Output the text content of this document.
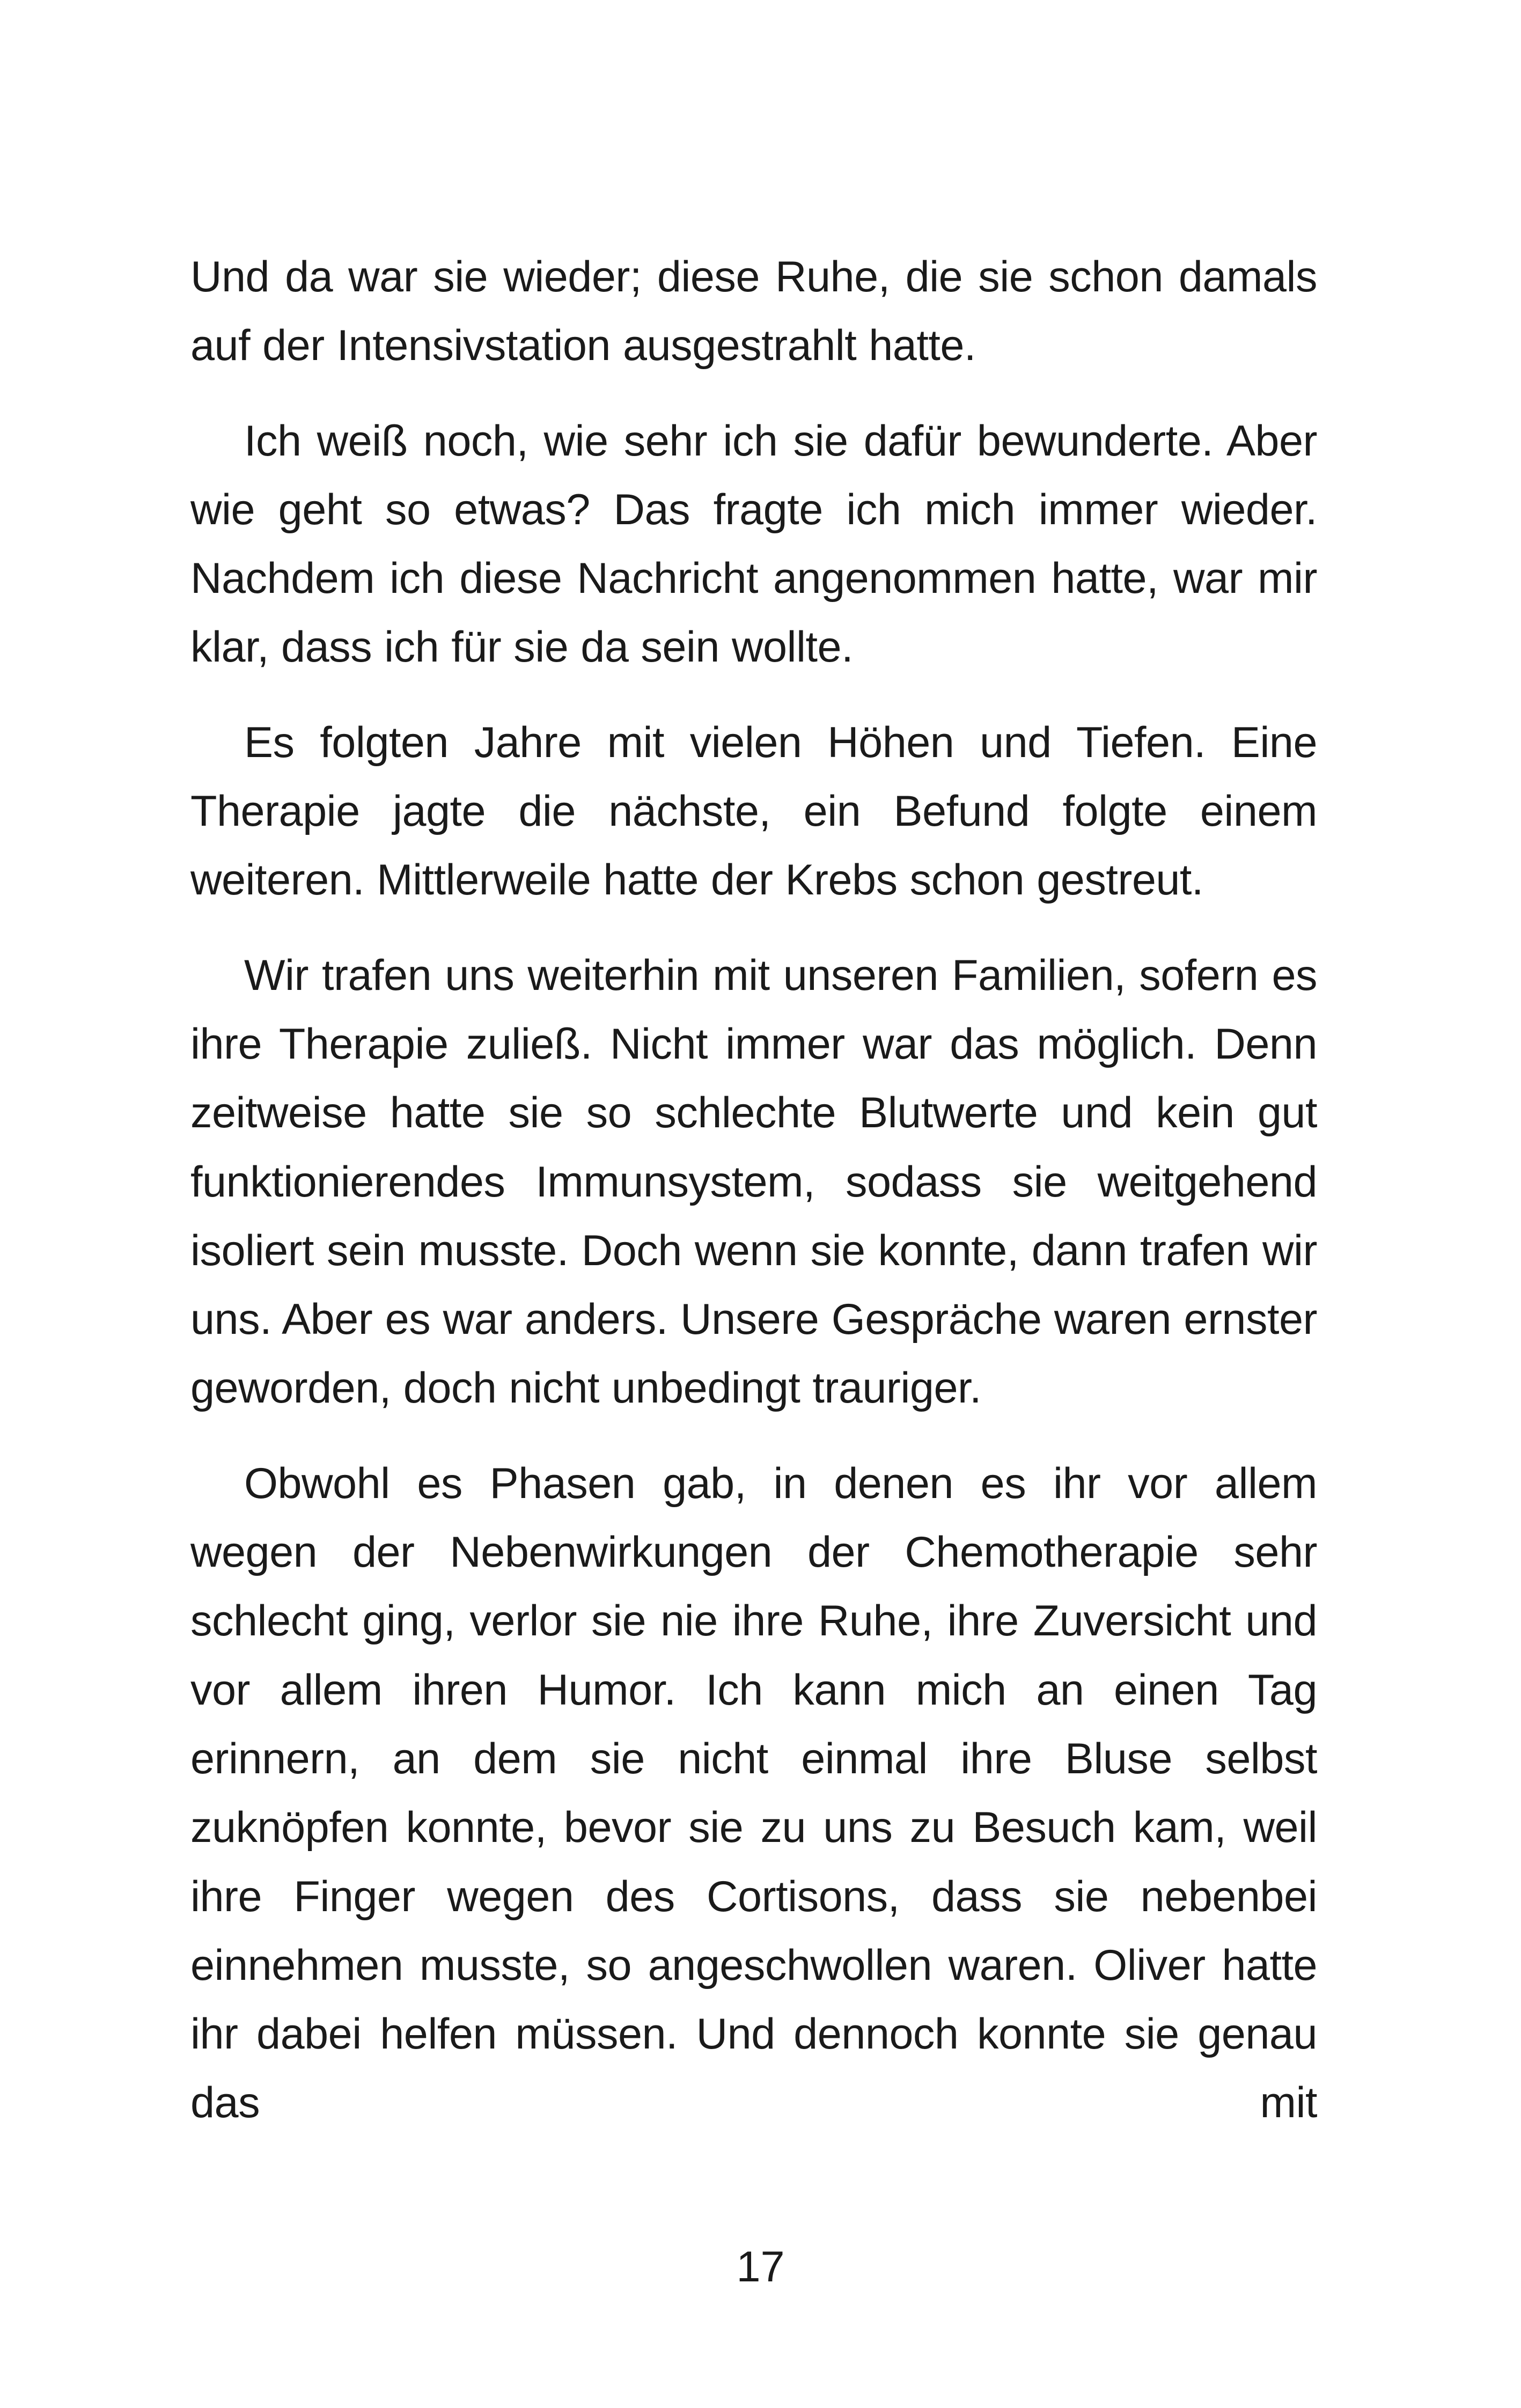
Und da war sie wieder; diese Ruhe, die sie schon damals auf der Intensivstation ausgestrahlt hatte.

Ich weiß noch, wie sehr ich sie dafür bewunderte. Aber wie geht so etwas? Das fragte ich mich immer wieder. Nachdem ich diese Nachricht angenommen hatte, war mir klar, dass ich für sie da sein wollte.

Es folgten Jahre mit vielen Höhen und Tiefen. Eine Therapie jagte die nächste, ein Befund folgte einem weiteren. Mittlerweile hatte der Krebs schon gestreut.

Wir trafen uns weiterhin mit unseren Familien, sofern es ihre Therapie zuließ. Nicht immer war das möglich. Denn zeitweise hatte sie so schlechte Blutwerte und kein gut funktionierendes Immunsystem, sodass sie weitgehend isoliert sein musste. Doch wenn sie konnte, dann trafen wir uns. Aber es war anders. Unsere Gespräche waren ernster geworden, doch nicht unbedingt trauriger.

Obwohl es Phasen gab, in denen es ihr vor allem wegen der Nebenwirkungen der Chemotherapie sehr schlecht ging, verlor sie nie ihre Ruhe, ihre Zuversicht und vor allem ihren Humor. Ich kann mich an einen Tag erinnern, an dem sie nicht einmal ihre Bluse selbst zuknöpfen konnte, bevor sie zu uns zu Besuch kam, weil ihre Finger wegen des Cortisons, dass sie nebenbei einnehmen musste, so angeschwollen waren. Oliver hatte ihr dabei helfen müssen. Und dennoch konnte sie genau das mit

17
